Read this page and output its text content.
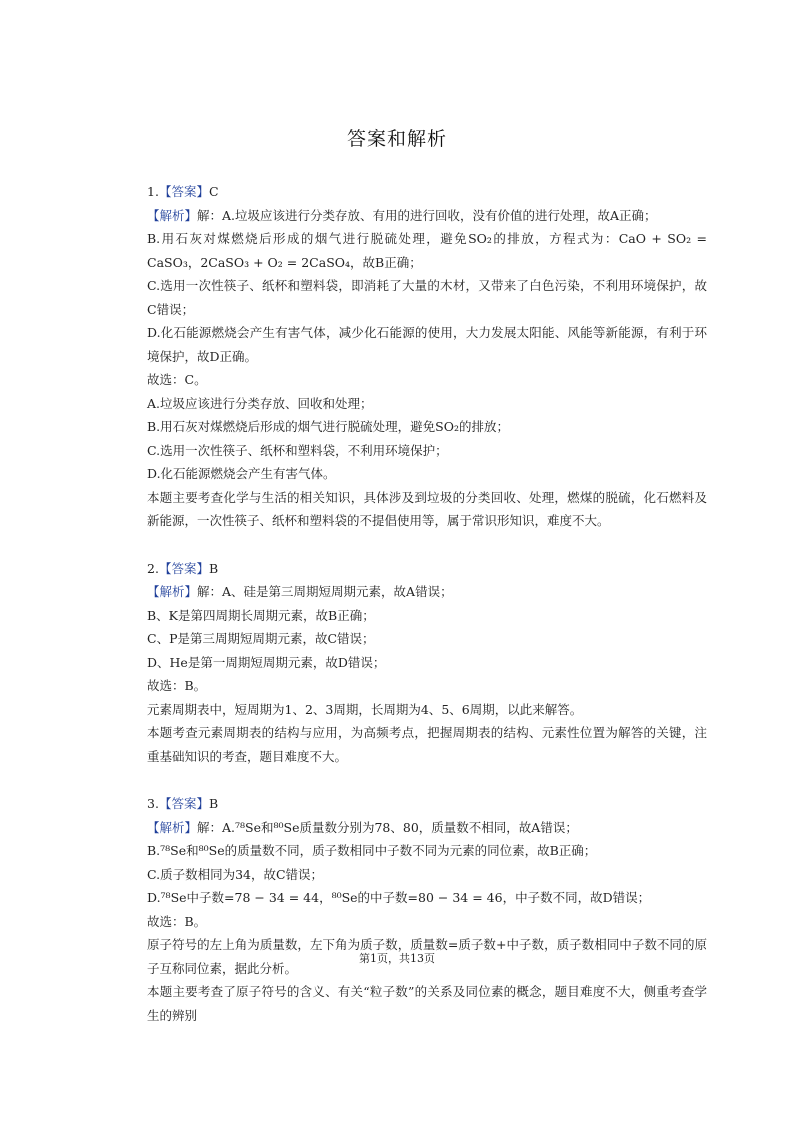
答案和解析

1.【答案】C

【解析】解：A.垃圾应该进行分类存放、有用的进行回收，没有价值的进行处理，故A正确；

B.用石灰对煤燃烧后形成的烟气进行脱硫处理，避免SO₂的排放，方程式为：CaO + SO₂ = CaSO₃，2CaSO₃ + O₂ = 2CaSO₄，故B正确；

C.选用一次性筷子、纸杯和塑料袋，即消耗了大量的木材，又带来了白色污染，不利用环境保护，故C错误；

D.化石能源燃烧会产生有害气体，减少化石能源的使用，大力发展太阳能、风能等新能源，有利于环境保护，故D正确。

故选：C。

A.垃圾应该进行分类存放、回收和处理；

B.用石灰对煤燃烧后形成的烟气进行脱硫处理，避免SO₂的排放；

C.选用一次性筷子、纸杯和塑料袋，不利用环境保护；

D.化石能源燃烧会产生有害气体。

本题主要考查化学与生活的相关知识，具体涉及到垃圾的分类回收、处理，燃煤的脱硫，化石燃料及新能源，一次性筷子、纸杯和塑料袋的不提倡使用等，属于常识形知识，难度不大。

2.【答案】B

【解析】解：A、硅是第三周期短周期元素，故A错误；

B、K是第四周期长周期元素，故B正确；

C、P是第三周期短周期元素，故C错误；

D、He是第一周期短周期元素，故D错误；

故选：B。

元素周期表中，短周期为1、2、3周期，长周期为4、5、6周期，以此来解答。

本题考查元素周期表的结构与应用，为高频考点，把握周期表的结构、元素性位置为解答的关键，注重基础知识的考查，题目难度不大。

3.【答案】B

【解析】解：A.⁷⁸Se和⁸⁰Se质量数分别为78、80，质量数不相同，故A错误；

B.⁷⁸Se和⁸⁰Se的质量数不同，质子数相同中子数不同为元素的同位素，故B正确；

C.质子数相同为34，故C错误；

D.⁷⁸Se中子数=78 − 34 = 44，⁸⁰Se的中子数=80 − 34 = 46，中子数不同，故D错误；

故选：B。

原子符号的左上角为质量数，左下角为质子数，质量数=质子数+中子数，质子数相同中子数不同的原子互称同位素，据此分析。

本题主要考查了原子符号的含义、有关“粒子数”的关系及同位素的概念，题目难度不大，侧重考查学生的辨别

第1页，共13页
